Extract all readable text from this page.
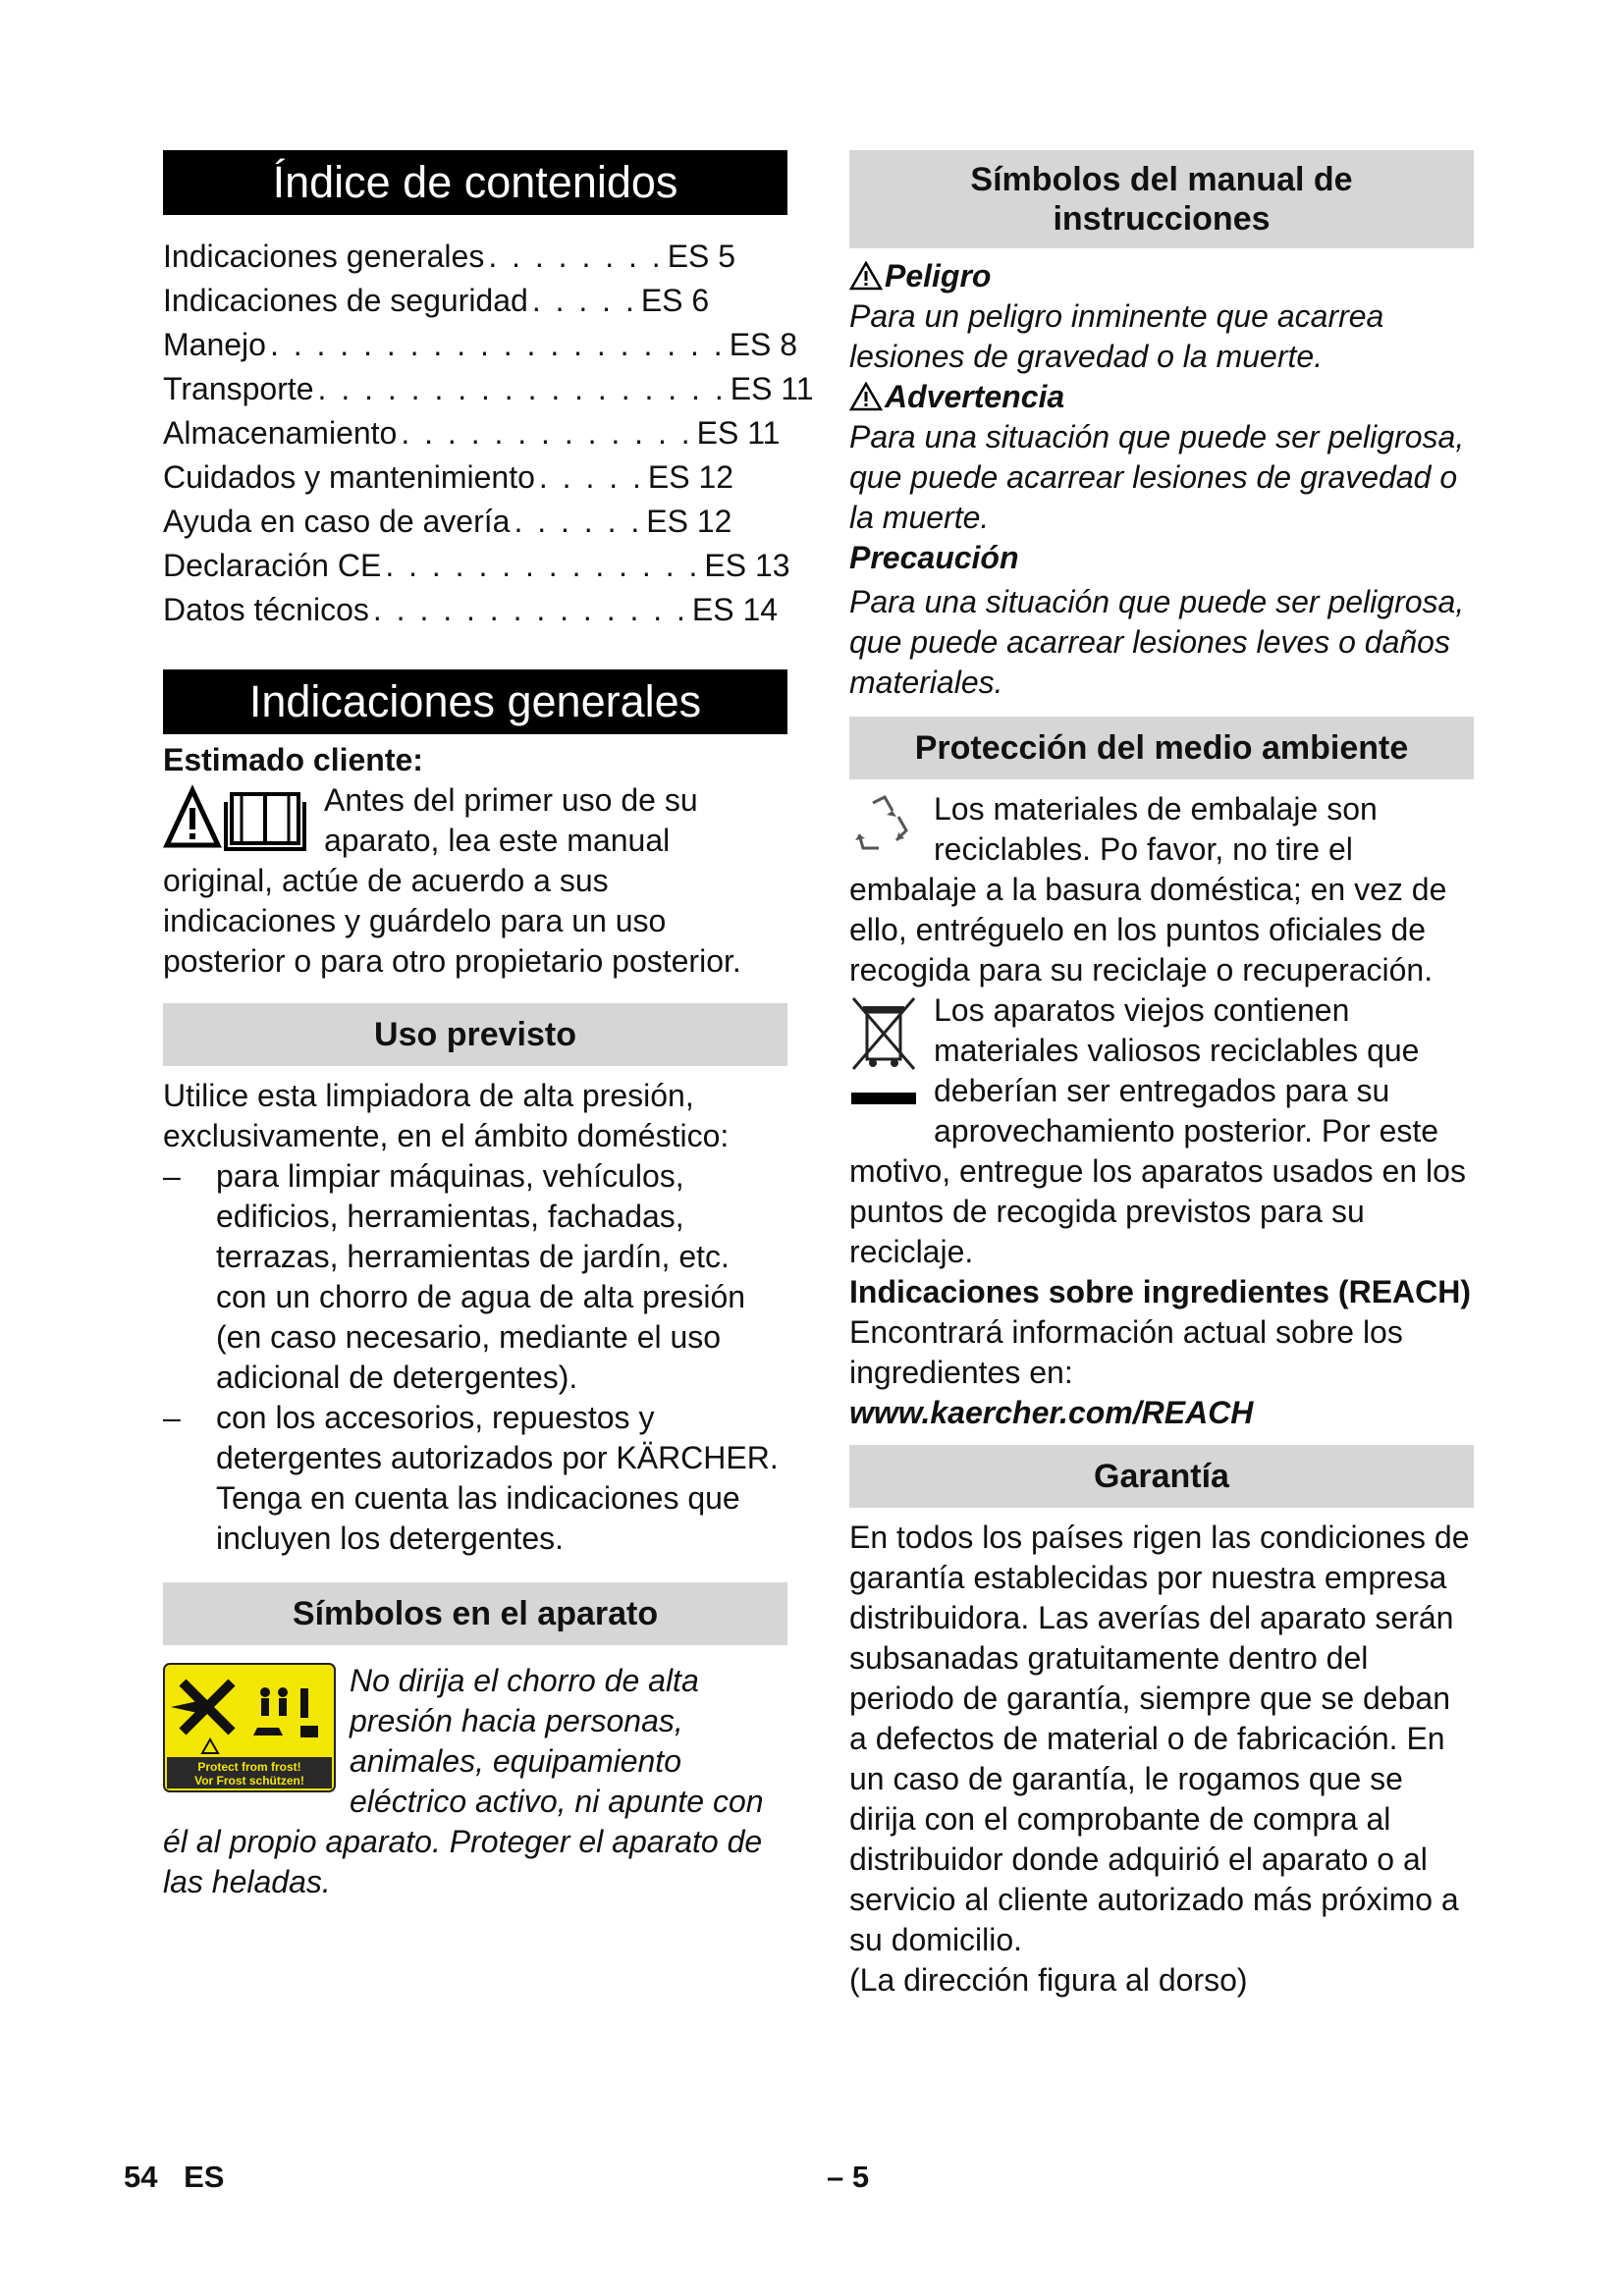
Índice de contenidos
Indicaciones generales . . . . . . . . ES 5
Indicaciones de seguridad . . . . . ES 6
Manejo . . . . . . . . . . . . . . . . . . . . ES 8
Transporte . . . . . . . . . . . . . . . . . . ES 11
Almacenamiento . . . . . . . . . . . . . ES 11
Cuidados y mantenimiento . . . . . ES 12
Ayuda en caso de avería . . . . . . ES 12
Declaración CE . . . . . . . . . . . . . . ES 13
Datos técnicos . . . . . . . . . . . . . . ES 14
Indicaciones generales

Estimado cliente:

Antes del primer uso de su aparato, lea este manual original, actúe de acuerdo a sus indicaciones y guárdelo para un uso posterior o para otro propietario posterior.

Uso previsto

Utilice esta limpiadora de alta presión, exclusivamente, en el ámbito doméstico:

– para limpiar máquinas, vehículos, edificios, herramientas, fachadas, terrazas, herramientas de jardín, etc. con un chorro de agua de alta presión (en caso necesario, mediante el uso adicional de detergentes).
– con los accesorios, repuestos y detergentes autorizados por KÄRCHER. Tenga en cuenta las indicaciones que incluyen los detergentes.
Símbolos en el aparato
Protect from frost!
Vor Frost schützen!

No dirija el chorro de alta presión hacia personas, animales, equipamiento eléctrico activo, ni apunte con él al propio aparato. Proteger el aparato de las heladas.

Símbolos del manual de instrucciones

Peligro

Para un peligro inminente que acarrea lesiones de gravedad o la muerte.

Advertencia

Para una situación que puede ser peligrosa, que puede acarrear lesiones de gravedad o la muerte.

Precaución

Para una situación que puede ser peligrosa, que puede acarrear lesiones leves o daños materiales.

Protección del medio ambiente

Los materiales de embalaje son reciclables. Po favor, no tire el embalaje a la basura doméstica; en vez de ello, entréguelo en los puntos oficiales de recogida para su reciclaje o recuperación.

Los aparatos viejos contienen materiales valiosos reciclables que deberían ser entregados para su aprovechamiento posterior. Por este motivo, entregue los aparatos usados en los puntos de recogida previstos para su reciclaje.

Indicaciones sobre ingredientes (REACH)

Encontrará información actual sobre los ingredientes en:

www.kaercher.com/REACH

Garantía

En todos los países rigen las condiciones de garantía establecidas por nuestra empresa distribuidora. Las averías del aparato serán subsanadas gratuitamente dentro del periodo de garantía, siempre que se deban a defectos de material o de fabricación. En un caso de garantía, le rogamos que se dirija con el comprobante de compra al distribuidor donde adquirió el aparato o al servicio al cliente autorizado más próximo a su domicilio.

(La dirección figura al dorso)

54 ES	– 5
